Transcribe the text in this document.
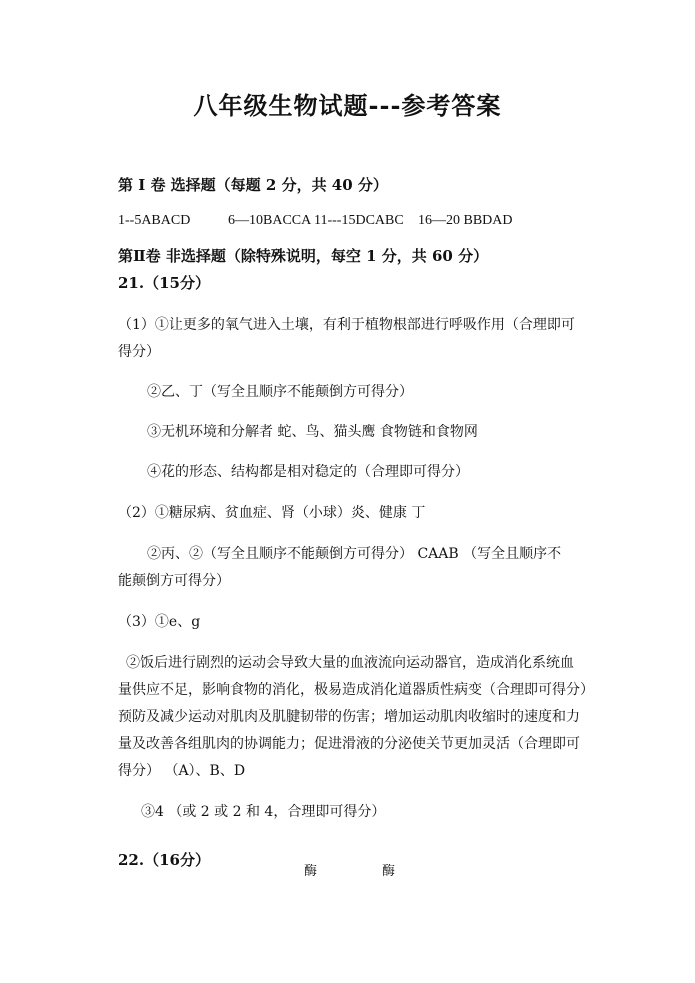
八年级生物试题---参考答案
第 I 卷 选择题（每题 2 分，共 40 分）
1--5ABACD	6—10BACCA 11---15DCABC 16—20 BBDAD
第Ⅱ卷 非选择题（除特殊说明，每空 1 分，共 60 分）
21.（15分）
（1）①让更多的氧气进入土壤，有利于植物根部进行呼吸作用（合理即可
得分）
②乙、丁（写全且顺序不能颠倒方可得分）
③无机环境和分解者 蛇、鸟、猫头鹰 食物链和食物网
④花的形态、结构都是相对稳定的（合理即可得分）
（2）①糖尿病、贫血症、肾（小球）炎、健康 丁
②丙、②（写全且顺序不能颠倒方可得分） CAAB （写全且顺序不
能颠倒方可得分）
（3）①e、g
②饭后进行剧烈的运动会导致大量的血液流向运动器官，造成消化系统血
量供应不足，影响食物的消化，极易造成消化道器质性病变（合理即可得分）
预防及减少运动对肌肉及肌腱韧带的伤害；增加运动肌肉收缩时的速度和力
量及改善各组肌肉的协调能力；促进滑液的分泌使关节更加灵活（合理即可
得分） （A）、B、D
③4 （或 2 或 2 和 4，合理即可得分）
22.（16分）
酶	酶
